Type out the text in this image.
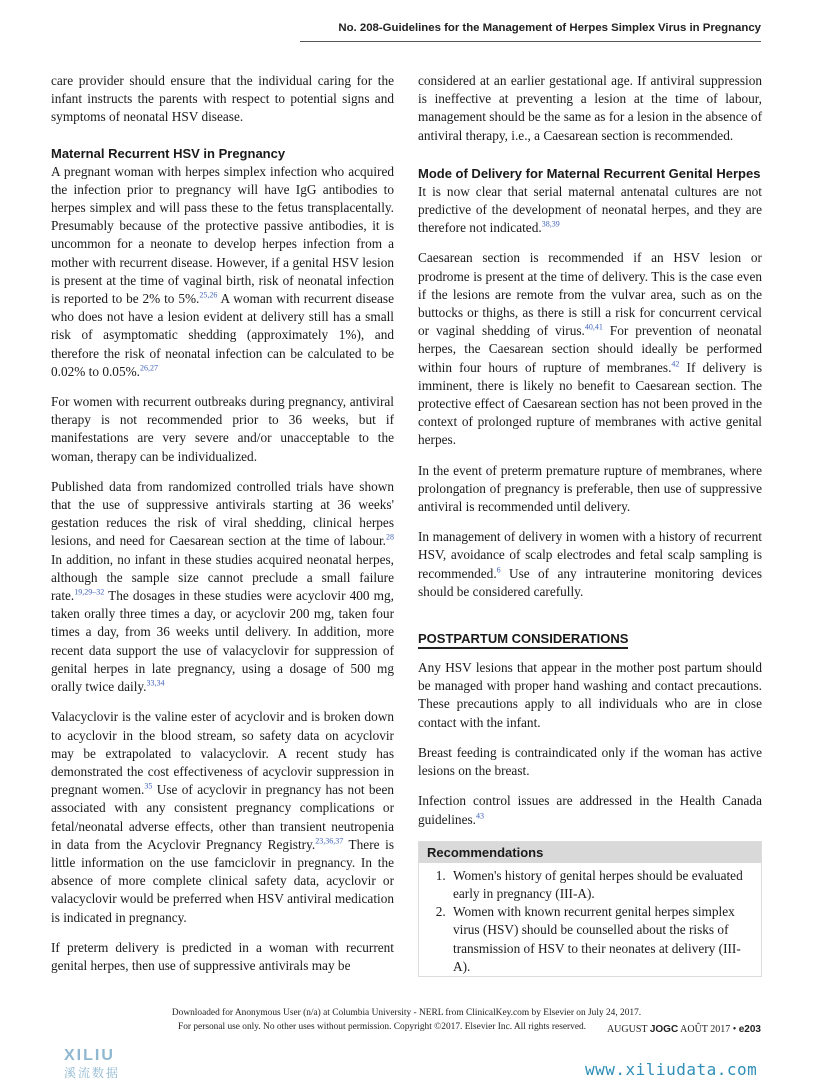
No. 208-Guidelines for the Management of Herpes Simplex Virus in Pregnancy

care provider should ensure that the individual caring for the infant instructs the parents with respect to potential signs and symptoms of neonatal HSV disease.

Maternal Recurrent HSV in Pregnancy

A pregnant woman with herpes simplex infection who acquired the infection prior to pregnancy will have IgG antibodies to herpes simplex and will pass these to the fetus transplacentally. Presumably because of the protective passive antibodies, it is uncommon for a neonate to develop herpes infection from a mother with recurrent disease. However, if a genital HSV lesion is present at the time of vaginal birth, risk of neonatal infection is reported to be 2% to 5%.$^{25,26}$ A woman with recurrent disease who does not have a lesion evident at delivery still has a small risk of asymptomatic shedding (approximately 1%), and therefore the risk of neonatal infection can be calculated to be 0.02% to 0.05%.$^{26,27}$

For women with recurrent outbreaks during pregnancy, antiviral therapy is not recommended prior to 36 weeks, but if manifestations are very severe and/or unacceptable to the woman, therapy can be individualized.

Published data from randomized controlled trials have shown that the use of suppressive antivirals starting at 36 weeks' gestation reduces the risk of viral shedding, clinical herpes lesions, and need for Caesarean section at the time of labour.$^{28}$ In addition, no infant in these studies acquired neonatal herpes, although the sample size cannot preclude a small failure rate.$^{19,29-32}$ The dosages in these studies were acyclovir 400 mg, taken orally three times a day, or acyclovir 200 mg, taken four times a day, from 36 weeks until delivery. In addition, more recent data support the use of valacyclovir for suppression of genital herpes in late pregnancy, using a dosage of 500 mg orally twice daily.$^{33,34}$

Valacyclovir is the valine ester of acyclovir and is broken down to acyclovir in the blood stream, so safety data on acyclovir may be extrapolated to valacyclovir. A recent study has demonstrated the cost effectiveness of acyclovir suppression in pregnant women.$^{35}$ Use of acyclovir in pregnancy has not been associated with any consistent pregnancy complications or fetal/neonatal adverse effects, other than transient neutropenia in data from the Acyclovir Pregnancy Registry.$^{23,36,37}$ There is little information on the use famciclovir in pregnancy. In the absence of more complete clinical safety data, acyclovir or valacyclovir would be preferred when HSV antiviral medication is indicated in pregnancy.

If preterm delivery is predicted in a woman with recurrent genital herpes, then use of suppressive antivirals may be

considered at an earlier gestational age. If antiviral suppression is ineffective at preventing a lesion at the time of labour, management should be the same as for a lesion in the absence of antiviral therapy, i.e., a Caesarean section is recommended.

Mode of Delivery for Maternal Recurrent Genital Herpes

It is now clear that serial maternal antenatal cultures are not predictive of the development of neonatal herpes, and they are therefore not indicated.$^{38,39}$

Caesarean section is recommended if an HSV lesion or prodrome is present at the time of delivery. This is the case even if the lesions are remote from the vulvar area, such as on the buttocks or thighs, as there is still a risk for concurrent cervical or vaginal shedding of virus.$^{40,41}$ For prevention of neonatal herpes, the Caesarean section should ideally be performed within four hours of rupture of membranes.$^{42}$ If delivery is imminent, there is likely no benefit to Caesarean section. The protective effect of Caesarean section has not been proved in the context of prolonged rupture of membranes with active genital herpes.

In the event of preterm premature rupture of membranes, where prolongation of pregnancy is preferable, then use of suppressive antiviral is recommended until delivery.

In management of delivery in women with a history of recurrent HSV, avoidance of scalp electrodes and fetal scalp sampling is recommended.$^6$ Use of any intrauterine monitoring devices should be considered carefully.

POSTPARTUM CONSIDERATIONS

Any HSV lesions that appear in the mother post partum should be managed with proper hand washing and contact precautions. These precautions apply to all individuals who are in close contact with the infant.

Breast feeding is contraindicated only if the woman has active lesions on the breast.

Infection control issues are addressed in the Health Canada guidelines.$^{43}$

Recommendations
1. Women's history of genital herpes should be evaluated early in pregnancy (III-A).
2. Women with known recurrent genital herpes simplex virus (HSV) should be counselled about the risks of transmission of HSV to their neonates at delivery (III-A).
Downloaded for Anonymous User (n/a) at Columbia University - NERL from ClinicalKey.com by Elsevier on July 24, 2017.
For personal use only. No other uses without permission. Copyright ©2017. Elsevier Inc. All rights reserved. AUGUST JOGC AOÛT 2017 • e203
XILIU
溪流数据	www.xiliudata.com
